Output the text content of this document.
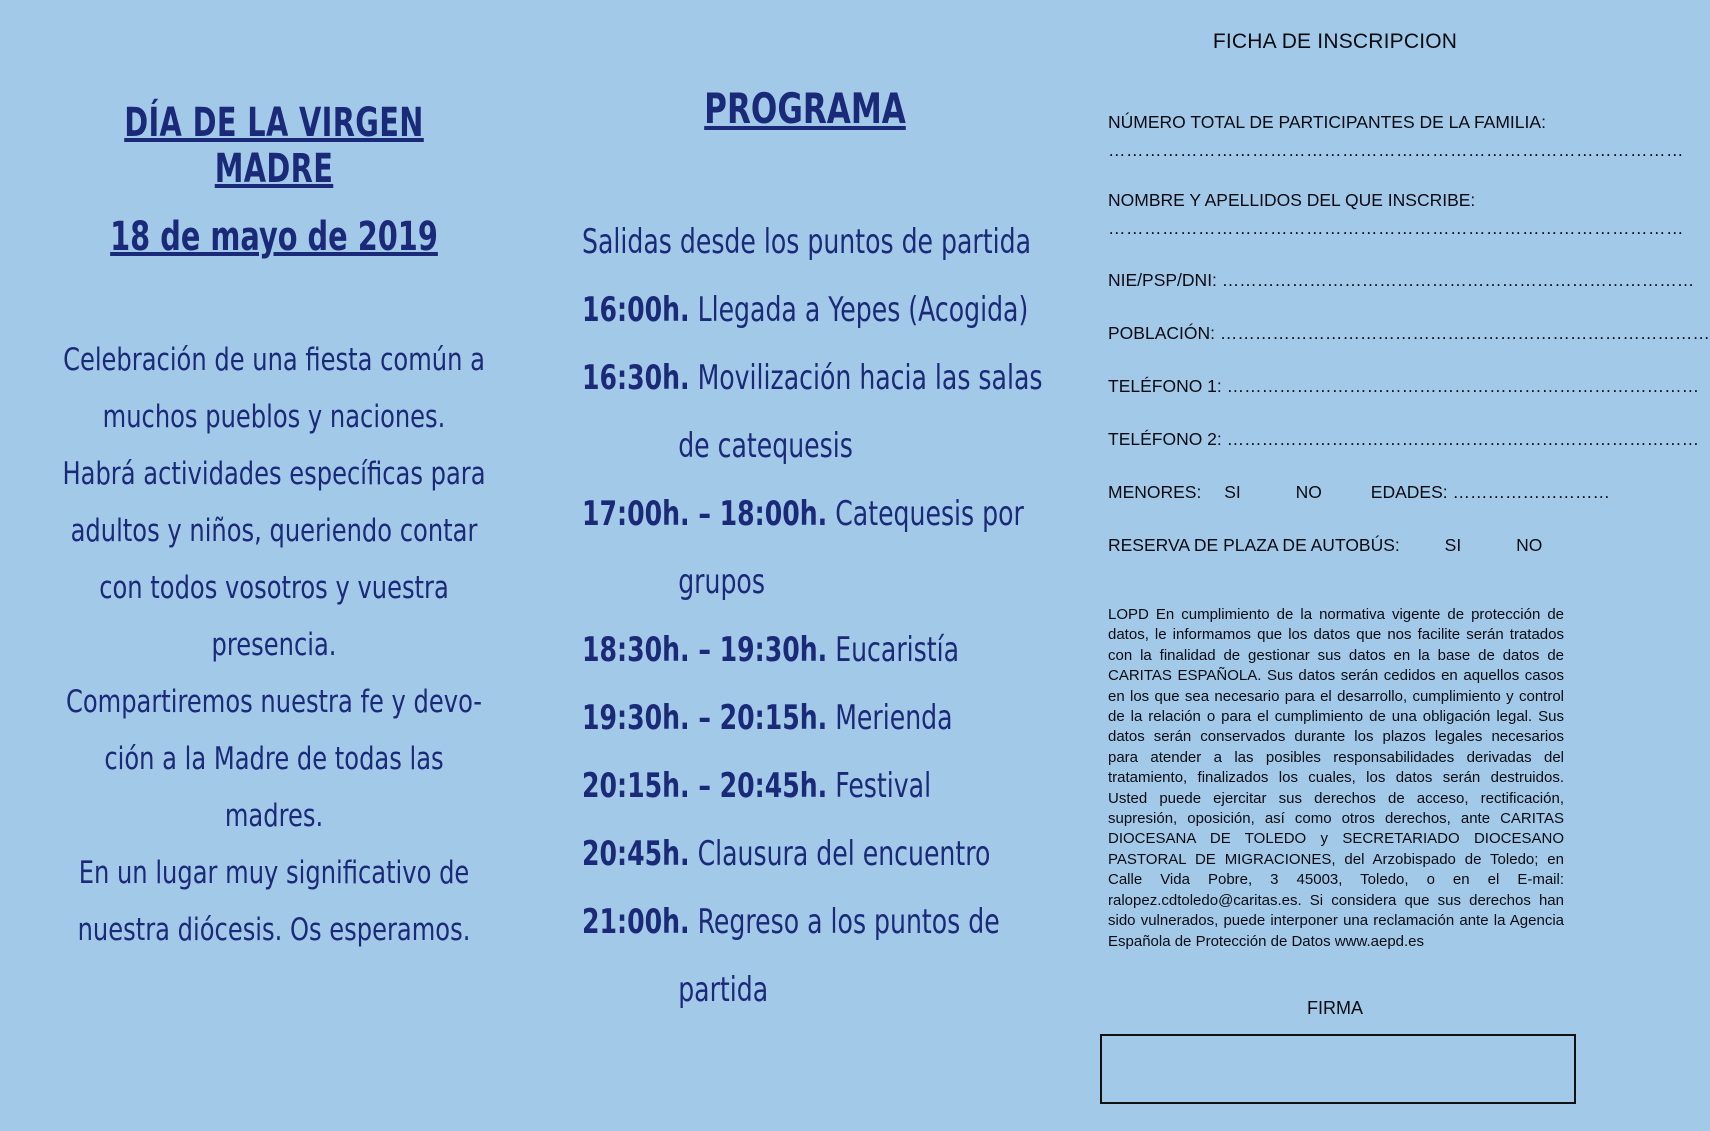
DÍA DE LA VIRGEN MADRE
18 de mayo de 2019
Celebración de una fiesta común a
muchos pueblos y naciones.
Habrá actividades específicas para
adultos y niños, queriendo contar
con todos vosotros y vuestra
presencia.
Compartiremos nuestra fe y devo-
ción a la Madre de todas las
madres.
En un lugar muy significativo de
nuestra diócesis. Os esperamos.
PROGRAMA
Salidas desde los puntos de partida
16:00h. Llegada a Yepes (Acogida)
16:30h. Movilización hacia las salas
de catequesis
17:00h. – 18:00h. Catequesis por
grupos
18:30h. – 19:30h. Eucaristía
19:30h. – 20:15h. Merienda
20:15h. – 20:45h. Festival
20:45h. Clausura del encuentro
21:00h. Regreso a los puntos de
partida
FICHA DE INSCRIPCION
NÚMERO TOTAL DE PARTICIPANTES DE LA FAMILIA:
……………………………………………………………………………………
NOMBRE Y APELLIDOS DEL QUE INSCRIBE:
……………………………………………………………………………………
NIE/PSP/DNI: ………………………………………………………………………
POBLACIÓN: …………………………………………………………………………
TELÉFONO 1: ………………………………………………………………………
TELÉFONO 2: ………………………………………………………………………
MENORES: SI	NO	EDADES: ………………………
RESERVA DE PLAZA DE AUTOBÚS:	SI	NO
LOPD En cumplimiento de la normativa vigente de protección de datos, le informamos que los datos que nos facilite serán tratados con la finalidad de gestionar sus datos en la base de datos de CARITAS ESPAÑOLA. Sus datos serán cedidos en aquellos casos en los que sea necesario para el desarrollo, cumplimiento y control de la relación o para el cumplimiento de una obligación legal. Sus datos serán conservados durante los plazos legales necesarios para atender a las posibles responsabilidades derivadas del tratamiento, finalizados los cuales, los datos serán destruidos. Usted puede ejercitar sus derechos de acceso, rectificación, supresión, oposición, así como otros derechos, ante CARITAS DIOCESANA DE TOLEDO y SECRETARIADO DIOCESANO PASTORAL DE MIGRACIONES, del Arzobispado de Toledo; en Calle Vida Pobre, 3 45003, Toledo, o en el E-mail: ralopez.cdtoledo@caritas.es. Si considera que sus derechos han sido vulnerados, puede interponer una reclamación ante la Agencia Española de Protección de Datos www.aepd.es
FIRMA
